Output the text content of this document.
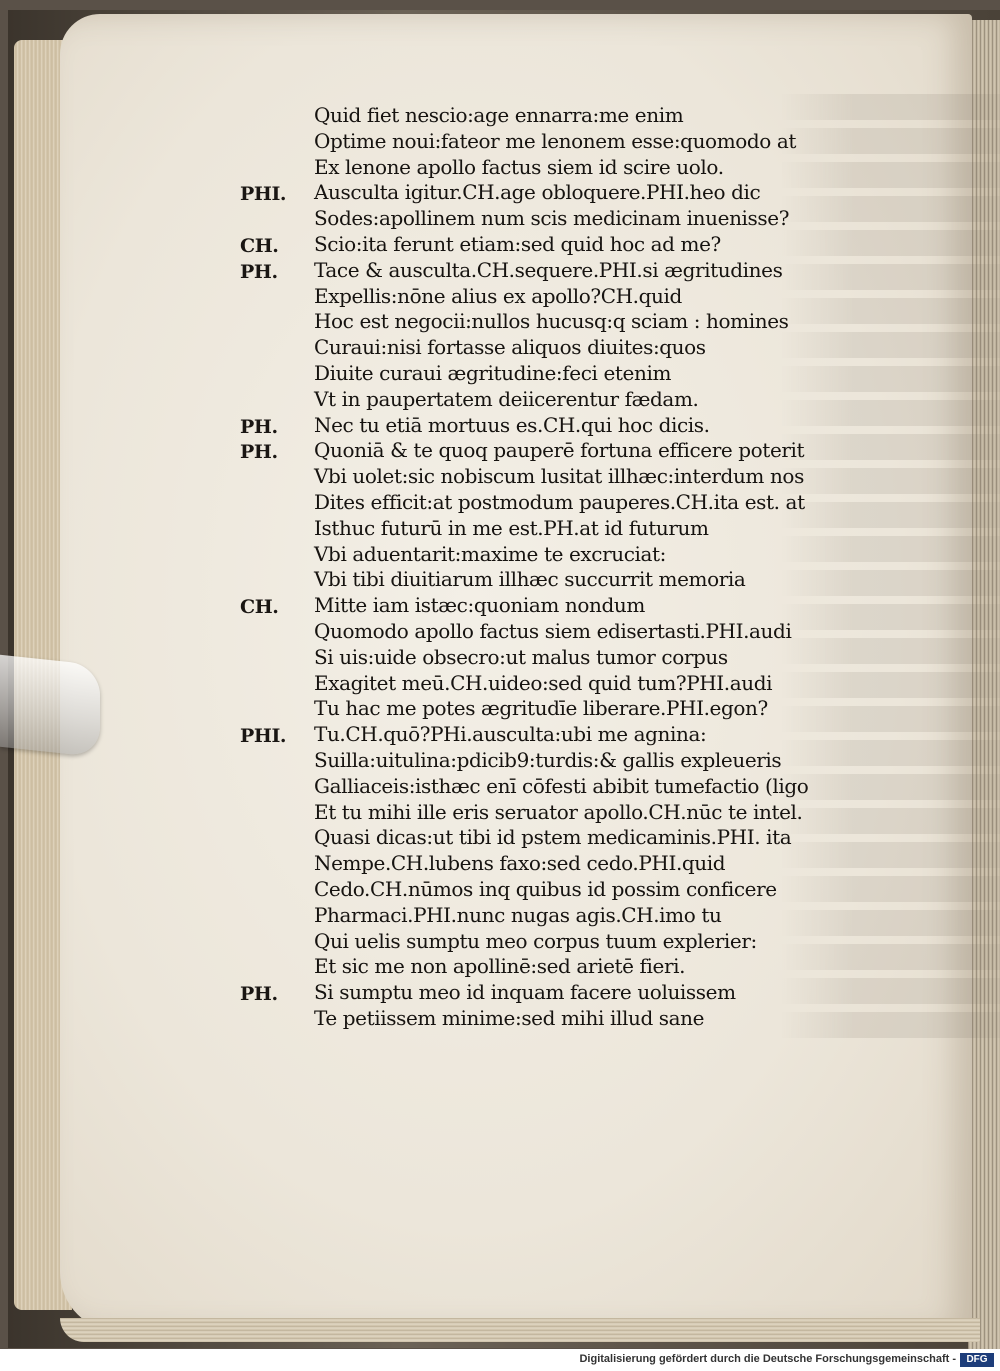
Quid fiet nescio:age ennarra:me enim
Optime noui:fateor me lenonem esse:quomodo at
Ex lenone apollo factus siem id scire uolo.
PHI. Ausculta igitur.CH.age obloquere.PHI.heo dic
Sodes:apollinem num scis medicinam inuenisse?
CH. Scio:ita ferunt etiam:sed quid hoc ad me?
PH. Tace & ausculta.CH.sequere.PHI.si ægritudines
Expellis:nōne alius ex apollo?CH.quid
Hoc est negocii:nullos hucusq:q sciam : homines
Curaui:nisi fortasse aliquos diuites:quos
Diuite curaui ægritudine:feci etenim
Vt in paupertatem deiicerentur fædam.
PH. Nec tu etiā mortuus es.CH.qui hoc dicis.
PH. Quoniā & te quoq pauperē fortuna efficere poterit
Vbi uolet:sic nobiscum lusitat illhæc:interdum nos
Dites efficit:at postmodum pauperes.CH.ita est. at
Isthuc futurū in me est.PH.at id futurum
Vbi aduentarit:maxime te excruciat:
Vbi tibi diuitiarum illhæc succurrit memoria
CH. Mitte iam istæc:quoniam nondum
Quomodo apollo factus siem edisertasti.PHI.audi
Si uis:uide obsecro:ut malus tumor corpus
Exagitet meū.CH.uideo:sed quid tum?PHI.audi
Tu hac me potes ægritudīe liberare.PHI.egon?
PHI. Tu.CH.quō?PHi.ausculta:ubi me agnina:
Suilla:uitulina:pdicib9:turdis:& gallis expleueris
Galliaceis:isthæc enī cōfesti abibit tumefactio (ligo
Et tu mihi ille eris seruator apollo.CH.nūc te intel.
Quasi dicas:ut tibi id pstem medicaminis.PHI. ita
Nempe.CH.lubens faxo:sed cedo.PHI.quid
Cedo.CH.nūmos inq quibus id possim conficere
Pharmaci.PHI.nunc nugas agis.CH.imo tu
Qui uelis sumptu meo corpus tuum explerier:
Et sic me non apollinē:sed arietē fieri.
PH. Si sumptu meo id inquam facere uoluissem
Te petiissem minime:sed mihi illud sane
Digitalisierung gefördert durch die Deutsche Forschungsgemeinschaft -	DFG
